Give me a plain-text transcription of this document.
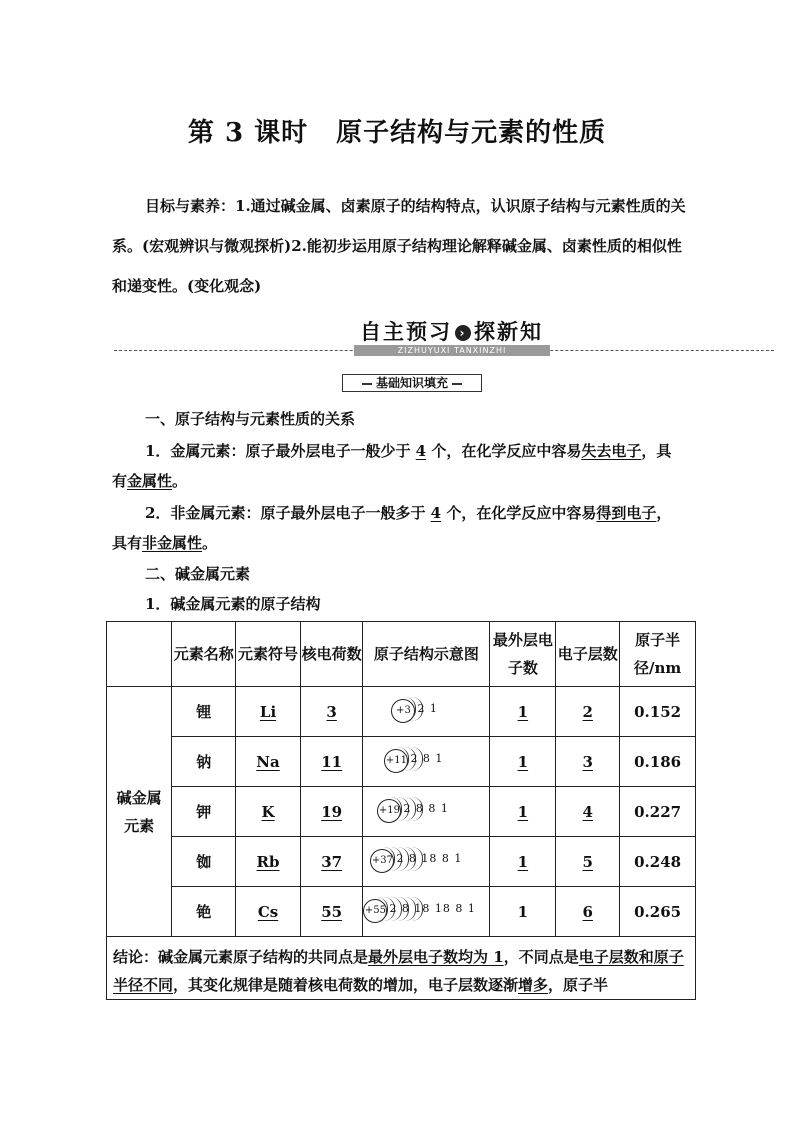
第 3 课时 原子结构与元素的性质
目标与素养：1.通过碱金属、卤素原子的结构特点，认识原子结构与元素性质的关系。(宏观辨识与微观探析)2.能初步运用原子结构理论解释碱金属、卤素性质的相似性和递变性。(变化观念)
自主预习 › 探新知
ZIZHUYUXI TANXINZHI
基础知识填充
一、原子结构与元素性质的关系
1．金属元素：原子最外层电子一般少于 4 个，在化学反应中容易失去电子，具有金属性。
2．非金属元素：原子最外层电子一般多于 4 个，在化学反应中容易得到电子，具有非金属性。
二、碱金属元素
1．碱金属元素的原子结构
	元素名称	元素符号	核电荷数	原子结构示意图	最外层电子数	电子层数	原子半径/nm
碱金属元素	锂	Li	3	+3 2 1	1	2	0.152
	钠	Na	11	+11 2 8 1	1	3	0.186
	钾	K	19	+19 2 8 8 1	1	4	0.227
	铷	Rb	37	+37 2 8 18 8 1	1	5	0.248
	铯	Cs	55	+55 2 8 18 18 8 1	1	6	0.265
结论：碱金属元素原子结构的共同点是最外层电子数均为 1，不同点是电子层数和原子半径不同，其变化规律是随着核电荷数的增加，电子层数逐渐增多，原子半							
